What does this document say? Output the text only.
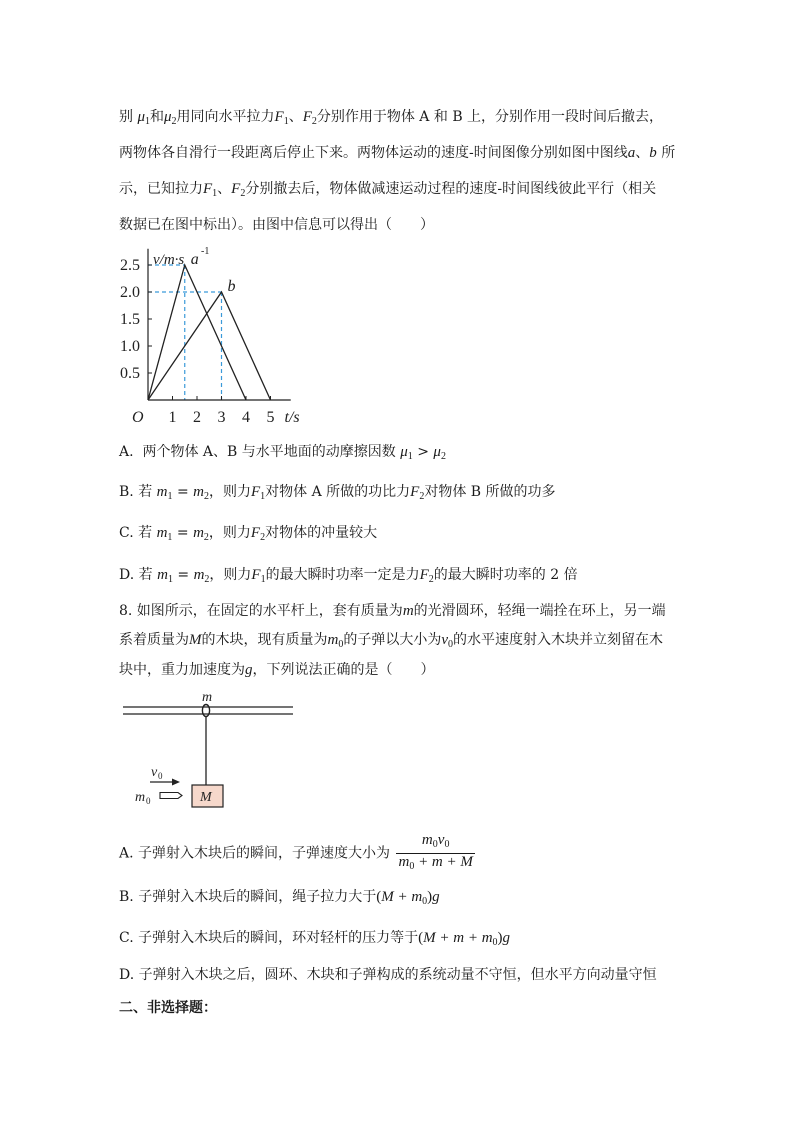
别 $\mu_1$和$\mu_2$用同向水平拉力$F_1$、$F_2$分别作用于物体 A 和 B 上，分别作用一段时间后撤去，
两物体各自滑行一段距离后停止下来。两物体运动的速度-时间图像分别如图中图线a、b 所
示，已知拉力$F_1$、$F_2$分别撤去后，物体做减速运动过程的速度-时间图线彼此平行（相关
数据已在图中标出）。由图中信息可以得出（　　）
1 2 3 4 5
0.5
1.0
1.5
2.0
2.5	a
b
O	t/s
v/m·s
-1
A. 两个物体 A、B 与水平地面的动摩擦因数 $\mu_1 > \mu_2$
B. 若 $m_1 = m_2$，则力$F_1$对物体 A 所做的功比力$F_2$对物体 B 所做的功多
C. 若 $m_1 = m_2$，则力$F_2$对物体的冲量较大
D. 若 $m_1 = m_2$，则力$F_1$的最大瞬时功率一定是力$F_2$的最大瞬时功率的 2 倍
8. 如图所示，在固定的水平杆上，套有质量为m的光滑圆环，轻绳一端拴在环上，另一端
系着质量为M的木块，现有质量为$m_0$的子弹以大小为$v_0$的水平速度射入木块并立刻留在木
块中，重力加速度为g，下列说法正确的是（　　）
m
M
v 0
m 0
A. 子弹射入木块后的瞬间，子弹速度大小为 $\frac{m_0v_0}{m_0 + m + M}$
B. 子弹射入木块后的瞬间，绳子拉力大于$(M + m_0)g$
C. 子弹射入木块后的瞬间，环对轻杆的压力等于$(M + m + m_0)g$
D. 子弹射入木块之后，圆环、木块和子弹构成的系统动量不守恒，但水平方向动量守恒
二、非选择题：
